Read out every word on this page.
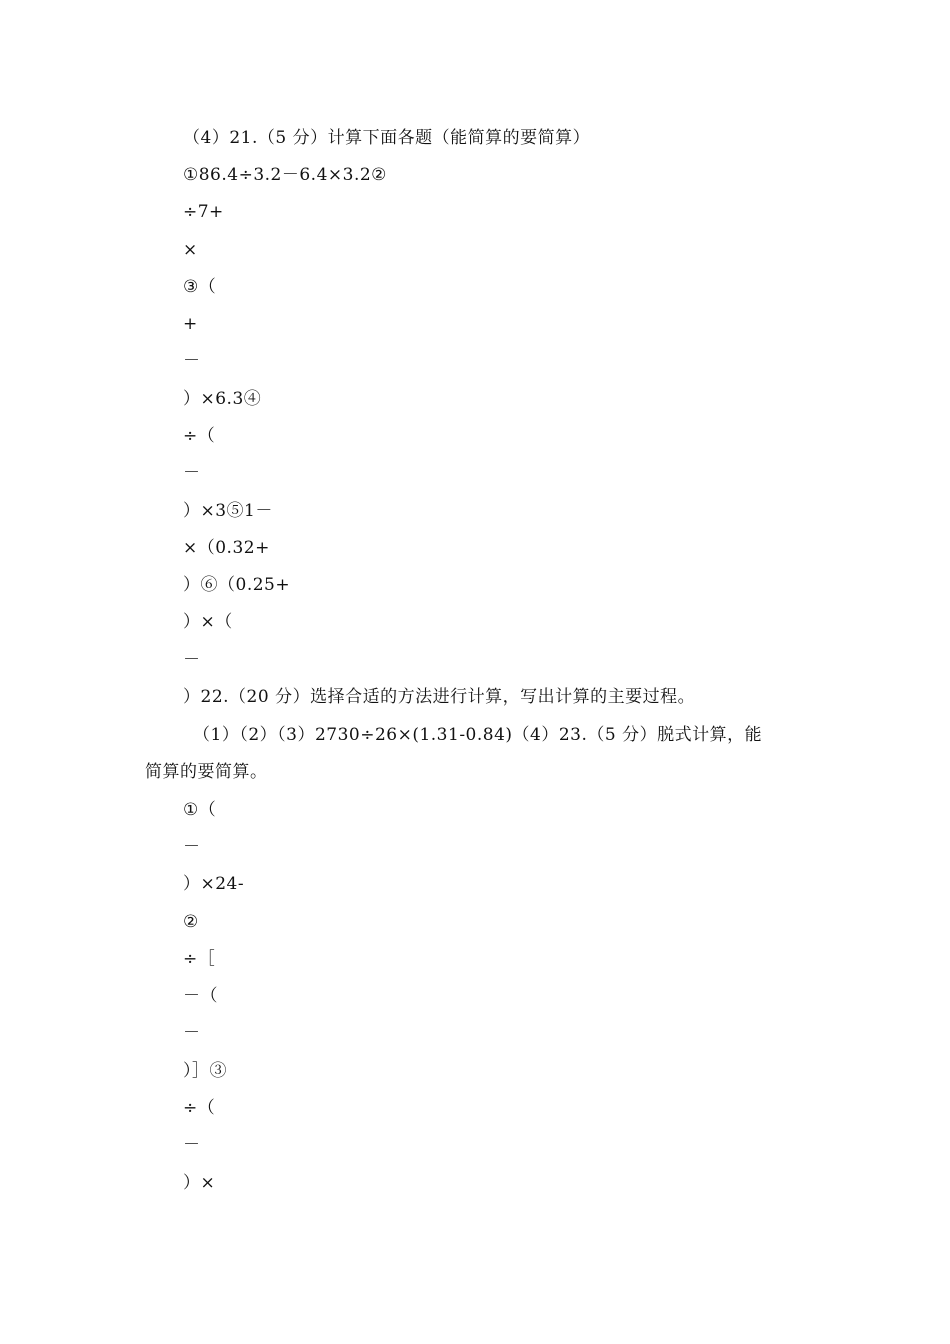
（4）21.（5 分）计算下面各题（能简算的要简算）
①86.4÷3.2－6.4×3.2②
÷7+
×
③（
+
－
）×6.3④
÷（
－
）×3⑤1－
×（0.32+
）⑥（0.25+
）×（
－
）22.（20 分）选择合适的方法进行计算，写出计算的主要过程。
（1）（2）（3）2730÷26×(1.31-0.84)（4）23.（5 分）脱式计算，能
简算的要简算。
①（
－
）×24-
②
÷［
－（
－
）］③
÷（
－
）×
